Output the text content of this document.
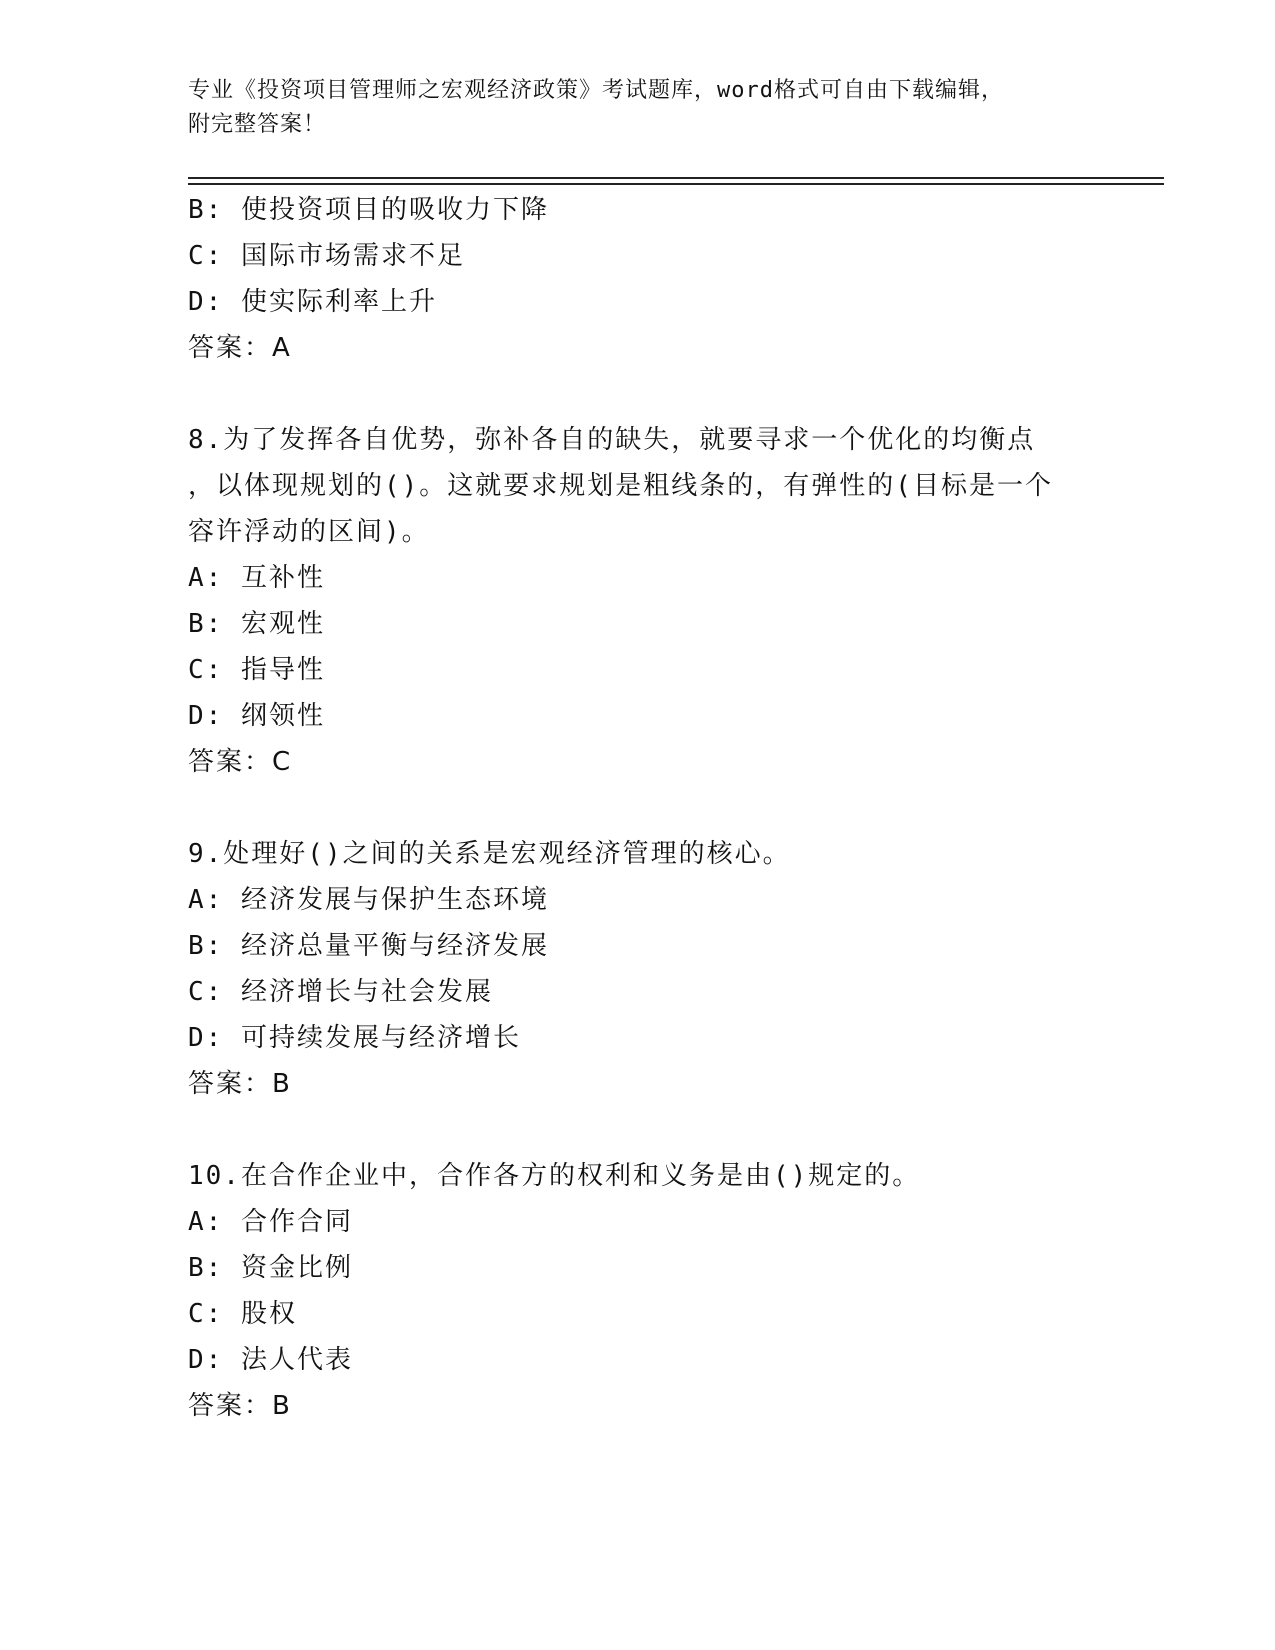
专业《投资项目管理师之宏观经济政策》考试题库，word格式可自由下载编辑，
附完整答案！
B: 使投资项目的吸收力下降
C: 国际市场需求不足
D: 使实际利率上升
答案：A
8.为了发挥各自优势，弥补各自的缺失，就要寻求一个优化的均衡点
，以体现规划的()。这就要求规划是粗线条的，有弹性的(目标是一个
容许浮动的区间)。
A: 互补性
B: 宏观性
C: 指导性
D: 纲领性
答案：C
9.处理好()之间的关系是宏观经济管理的核心。
A: 经济发展与保护生态环境
B: 经济总量平衡与经济发展
C: 经济增长与社会发展
D: 可持续发展与经济增长
答案：B
10.在合作企业中，合作各方的权利和义务是由()规定的。
A: 合作合同
B: 资金比例
C: 股权
D: 法人代表
答案：B
